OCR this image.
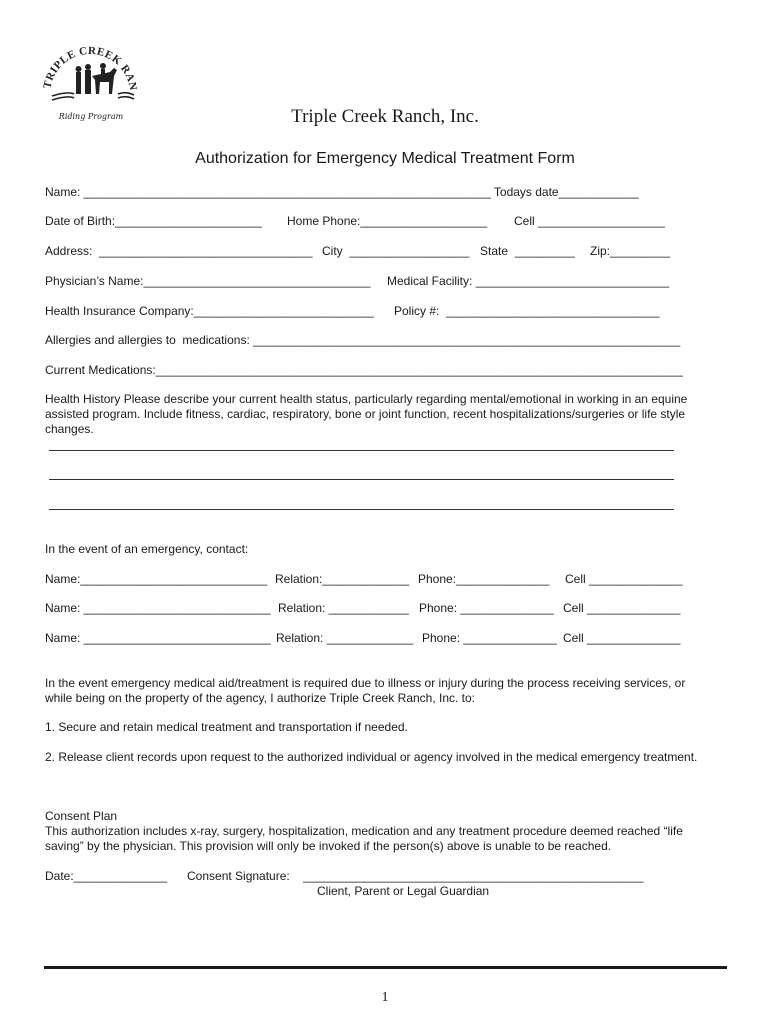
TRIPLE CREEK RAN
Riding Program	Triple Creek Ranch, Inc.
Authorization for Emergency Medical Treatment Form
Name: _____________________________________________________________ Todays date____________
Date of Birth:______________________ Home Phone:___________________ Cell ___________________
Address:  ________________________________ City  __________________ State  _________ Zip:_________
Physician’s Name:__________________________________ Medical Facility: _____________________________
Health Insurance Company:___________________________ Policy #:  ________________________________
Allergies and allergies to  medications: ________________________________________________________________
Current Medications:_______________________________________________________________________________
Health History Please describe your current health status, particularly regarding mental/emotional in working in an equine assisted program. Include fitness, cardiac, respiratory, bone or joint function, recent hospitalizations/surgeries or life style changes.
In the event of an emergency, contact:
Name:____________________________ Relation:_____________ Phone:______________ Cell ______________
Name: ____________________________ Relation: ____________ Phone: ______________ Cell ______________
Name: ____________________________ Relation: _____________ Phone: ______________ Cell ______________
In the event emergency medical aid/treatment is required due to illness or injury during the process receiving services, or while being on the property of the agency, I authorize Triple Creek Ranch, Inc. to:
1. Secure and retain medical treatment and transportation if needed.
2. Release client records upon request to the authorized individual or agency involved in the medical emergency treatment.
Consent Plan
This authorization includes x-ray, surgery, hospitalization, medication and any treatment procedure deemed reached “life saving” by the physician. This provision will only be invoked if the person(s) above is unable to be reached.
Date:______________ Consent Signature:    ___________________________________________________
Client, Parent or Legal Guardian
1
